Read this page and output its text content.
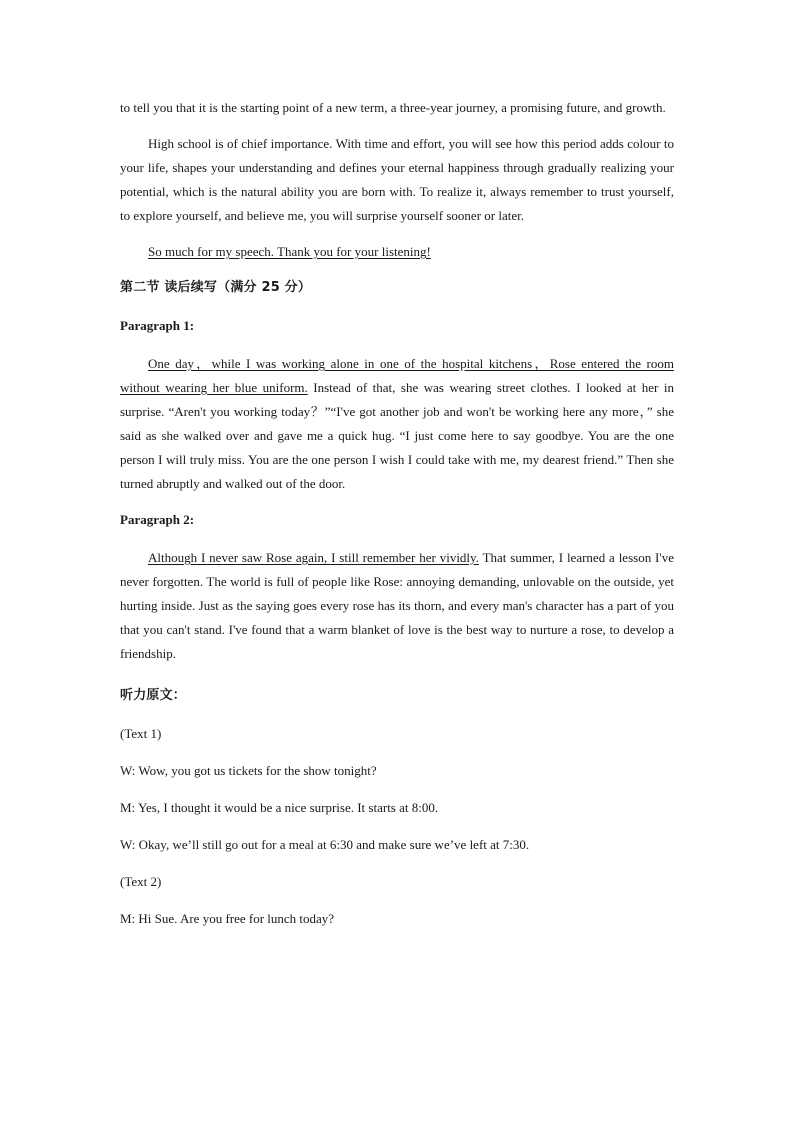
to tell you that it is the starting point of a new term, a three-year journey, a promising future, and growth.

High school is of chief importance. With time and effort, you will see how this period adds colour to your life, shapes your understanding and defines your eternal happiness through gradually realizing your potential, which is the natural ability you are born with. To realize it, always remember to trust yourself, to explore yourself, and believe me, you will surprise yourself sooner or later.

So much for my speech. Thank you for your listening!

第二节 读后续写（满分 25 分）

Paragraph 1:

One day，while I was working alone in one of the hospital kitchens，Rose entered the room without wearing her blue uniform. Instead of that, she was wearing street clothes. I looked at her in surprise. “Aren't you working today？”“I've got another job and won't be working here any more，” she said as she walked over and gave me a quick hug. “I just come here to say goodbye. You are the one person I will truly miss. You are the one person I wish I could take with me, my dearest friend.” Then she turned abruptly and walked out of the door.

Paragraph 2:

Although I never saw Rose again, I still remember her vividly. That summer, I learned a lesson I've never forgotten. The world is full of people like Rose: annoying demanding, unlovable on the outside, yet hurting inside. Just as the saying goes every rose has its thorn, and every man's character has a part of you that you can't stand. I've found that a warm blanket of love is the best way to nurture a rose, to develop a friendship.

听力原文：

(Text 1)

W: Wow, you got us tickets for the show tonight?

M: Yes, I thought it would be a nice surprise. It starts at 8:00.

W: Okay, we’ll still go out for a meal at 6:30 and make sure we’ve left at 7:30.

(Text 2)

M: Hi Sue. Are you free for lunch today?
